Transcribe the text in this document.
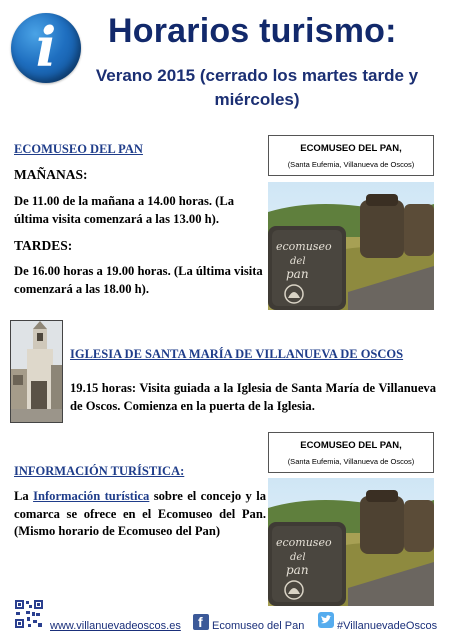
i	Horarios turismo:
Verano 2015 (cerrado los martes tarde y miércoles)
ECOMUSEO DEL PAN
MAÑANAS:
De 11.00 de la mañana a 14.00 horas. (La última visita comenzará a las 13.00 h).
TARDES:
De 16.00 horas a 19.00 horas. (La última visita comenzará a las 18.00 h).
ECOMUSEO DEL PAN,
(Santa Eufemia, Villanueva de Oscos)
ecomuseo
del
pan
IGLESIA DE SANTA MARÍA DE VILLANUEVA DE OSCOS
19.15 horas: Visita guiada a la Iglesia de Santa María de Villanueva de Oscos. Comienza en la puerta de la Iglesia.
INFORMACIÓN TURÍSTICA:
La Información turística sobre el concejo y la comarca se ofrece en el Ecomuseo del Pan. (Mismo horario de Ecomuseo del Pan)
ECOMUSEO DEL PAN,
(Santa Eufemia, Villanueva de Oscos)
ecomuseo
del
pan
www.villanuevadeoscos.es f Ecomuseo del Pan	#VillanuevadeOscos
